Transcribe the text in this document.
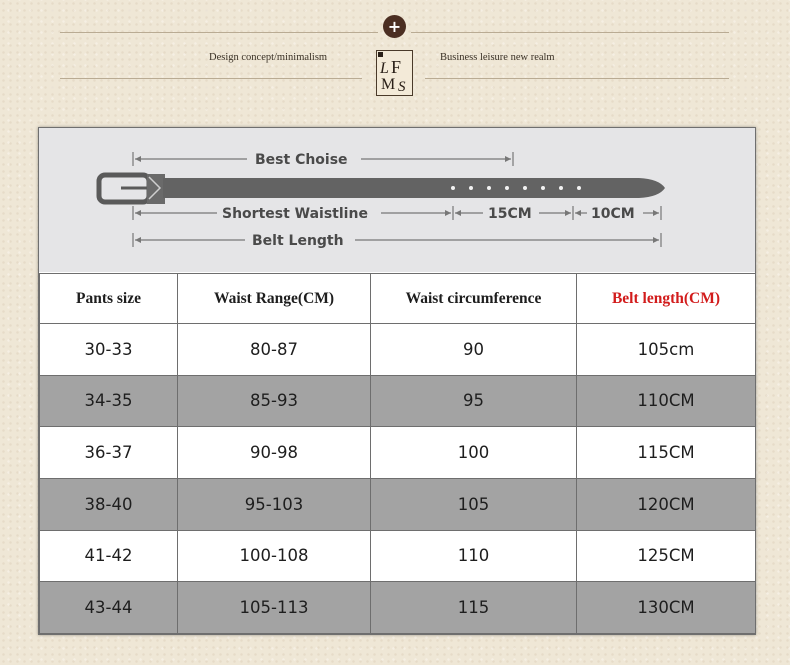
+
Design concept/minimalism	Business leisure new realm
L F
M S
Best Choise
Shortest Waistline	15CM	10CM
Belt Length
Pants size	Waist Range(CM)	Waist circumference	Belt length(CM)
30-33	80-87	90	105cm
34-35	85-93	95	110CM
36-37	90-98	100	115CM
38-40	95-103	105	120CM
41-42	100-108	110	125CM
43-44	105-113	115	130CM
